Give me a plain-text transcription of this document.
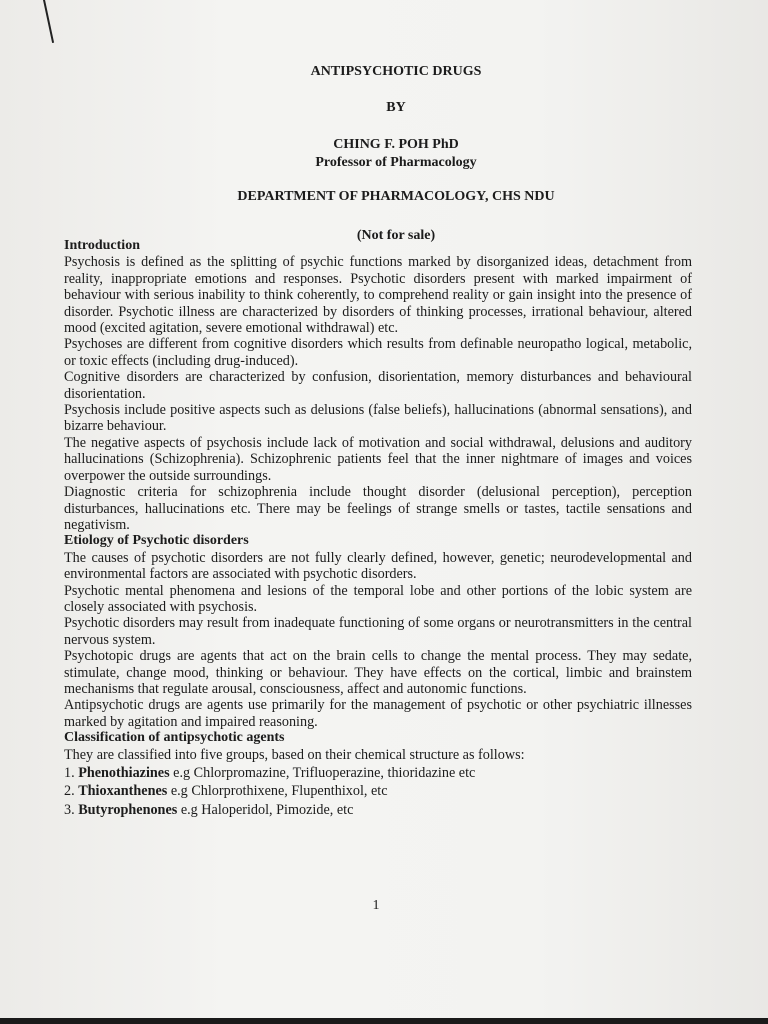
ANTIPSYCHOTIC DRUGS
BY
CHING F. POH PhD
Professor of Pharmacology
DEPARTMENT OF PHARMACOLOGY, CHS NDU
(Not for sale)

Introduction

Psychosis is defined as the splitting of psychic functions marked by disorganized ideas, detachment from reality, inappropriate emotions and responses. Psychotic disorders present with marked impairment of behaviour with serious inability to think coherently, to comprehend reality or gain insight into the presence of disorder. Psychotic illness are characterized by disorders of thinking processes, irrational behaviour, altered mood (excited agitation, severe emotional withdrawal) etc.

Psychoses are different from cognitive disorders which results from definable neuropatho logical, metabolic, or toxic effects (including drug-induced).

Cognitive disorders are characterized by confusion, disorientation, memory disturbances and behavioural disorientation.

Psychosis include positive aspects such as delusions (false beliefs), hallucinations (abnormal sensations), and bizarre behaviour.

The negative aspects of psychosis include lack of motivation and social withdrawal, delusions and auditory hallucinations (Schizophrenia). Schizophrenic patients feel that the inner nightmare of images and voices overpower the outside surroundings.

Diagnostic criteria for schizophrenia include thought disorder (delusional perception), perception disturbances, hallucinations etc. There may be feelings of strange smells or tastes, tactile sensations and negativism.

Etiology of Psychotic disorders

The causes of psychotic disorders are not fully clearly defined, however, genetic; neurodevelopmental and environmental factors are associated with psychotic disorders.

Psychotic mental phenomena and lesions of the temporal lobe and other portions of the lobic system are closely associated with psychosis.

Psychotic disorders may result from inadequate functioning of some organs or neurotransmitters in the central nervous system.

Psychotopic drugs are agents that act on the brain cells to change the mental process. They may sedate, stimulate, change mood, thinking or behaviour. They have effects on the cortical, limbic and brainstem mechanisms that regulate arousal, consciousness, affect and autonomic functions.

Antipsychotic drugs are agents use primarily for the management of psychotic or other psychiatric illnesses marked by agitation and impaired reasoning.

Classification of antipsychotic agents

They are classified into five groups, based on their chemical structure as follows:

1. Phenothiazines e.g Chlorpromazine, Trifluoperazine, thioridazine etc
2. Thioxanthenes e.g Chlorprothixene, Flupenthixol, etc
3. Butyrophenones e.g Haloperidol, Pimozide, etc
1
